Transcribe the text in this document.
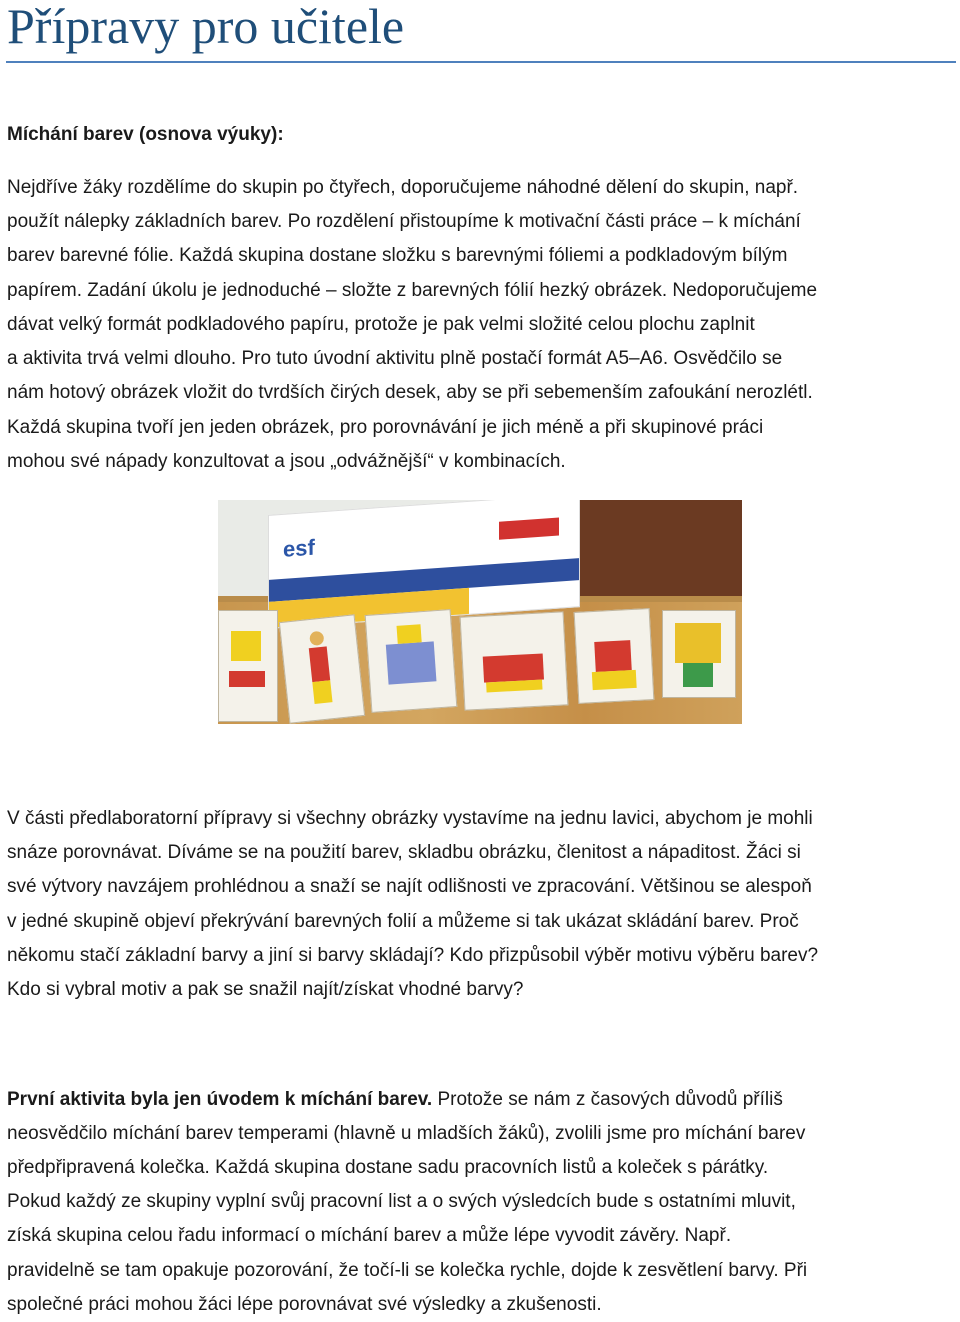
Přípravy pro učitele
Míchání barev (osnova výuky):

Nejdříve žáky rozdělíme do skupin po čtyřech, doporučujeme náhodné dělení do skupin, např.

použít nálepky základních barev. Po rozdělení přistoupíme k motivační části práce – k míchání

barev barevné fólie. Každá skupina dostane složku s barevnými fóliemi a podkladovým bílým

papírem. Zadání úkolu je jednoduché – složte z barevných fólií hezký obrázek. Nedoporučujeme

dávat velký formát podkladového papíru, protože je pak velmi složité celou plochu zaplnit

a aktivita trvá velmi dlouho. Pro tuto úvodní aktivitu plně postačí formát A5–A6. Osvědčilo se

nám hotový obrázek vložit do tvrdších čirých desek, aby se při sebemenším zafoukání nerozlétl.

Každá skupina tvoří jen jeden obrázek, pro porovnávání je jich méně a při skupinové práci

mohou své nápady konzultovat a jsou „odvážnější“ v kombinacích.

esf

V části předlaboratorní přípravy si všechny obrázky vystavíme na jednu lavici, abychom je mohli

snáze porovnávat. Díváme se na použití barev, skladbu obrázku, členitost a nápaditost. Žáci si

své výtvory navzájem prohlédnou a snaží se najít odlišnosti ve zpracování. Většinou se alespoň

v jedné skupině objeví překrývání barevných folií a můžeme si tak ukázat skládání barev. Proč

někomu stačí základní barvy a jiní si barvy skládají? Kdo přizpůsobil výběr motivu výběru barev?

Kdo si vybral motiv a pak se snažil najít/získat vhodné barvy?

První aktivita byla jen úvodem k míchání barev. Protože se nám z časových důvodů příliš

neosvědčilo míchání barev temperami (hlavně u mladších žáků), zvolili jsme pro míchání barev

předpřipravená kolečka. Každá skupina dostane sadu pracovních listů a koleček s párátky.

Pokud každý ze skupiny vyplní svůj pracovní list a o svých výsledcích bude s ostatními mluvit,

získá skupina celou řadu informací o míchání barev a může lépe vyvodit závěry. Např.

pravidelně se tam opakuje pozorování, že točí-li se kolečka rychle, dojde k zesvětlení barvy. Při

společné práci mohou žáci lépe porovnávat své výsledky a zkušenosti.
